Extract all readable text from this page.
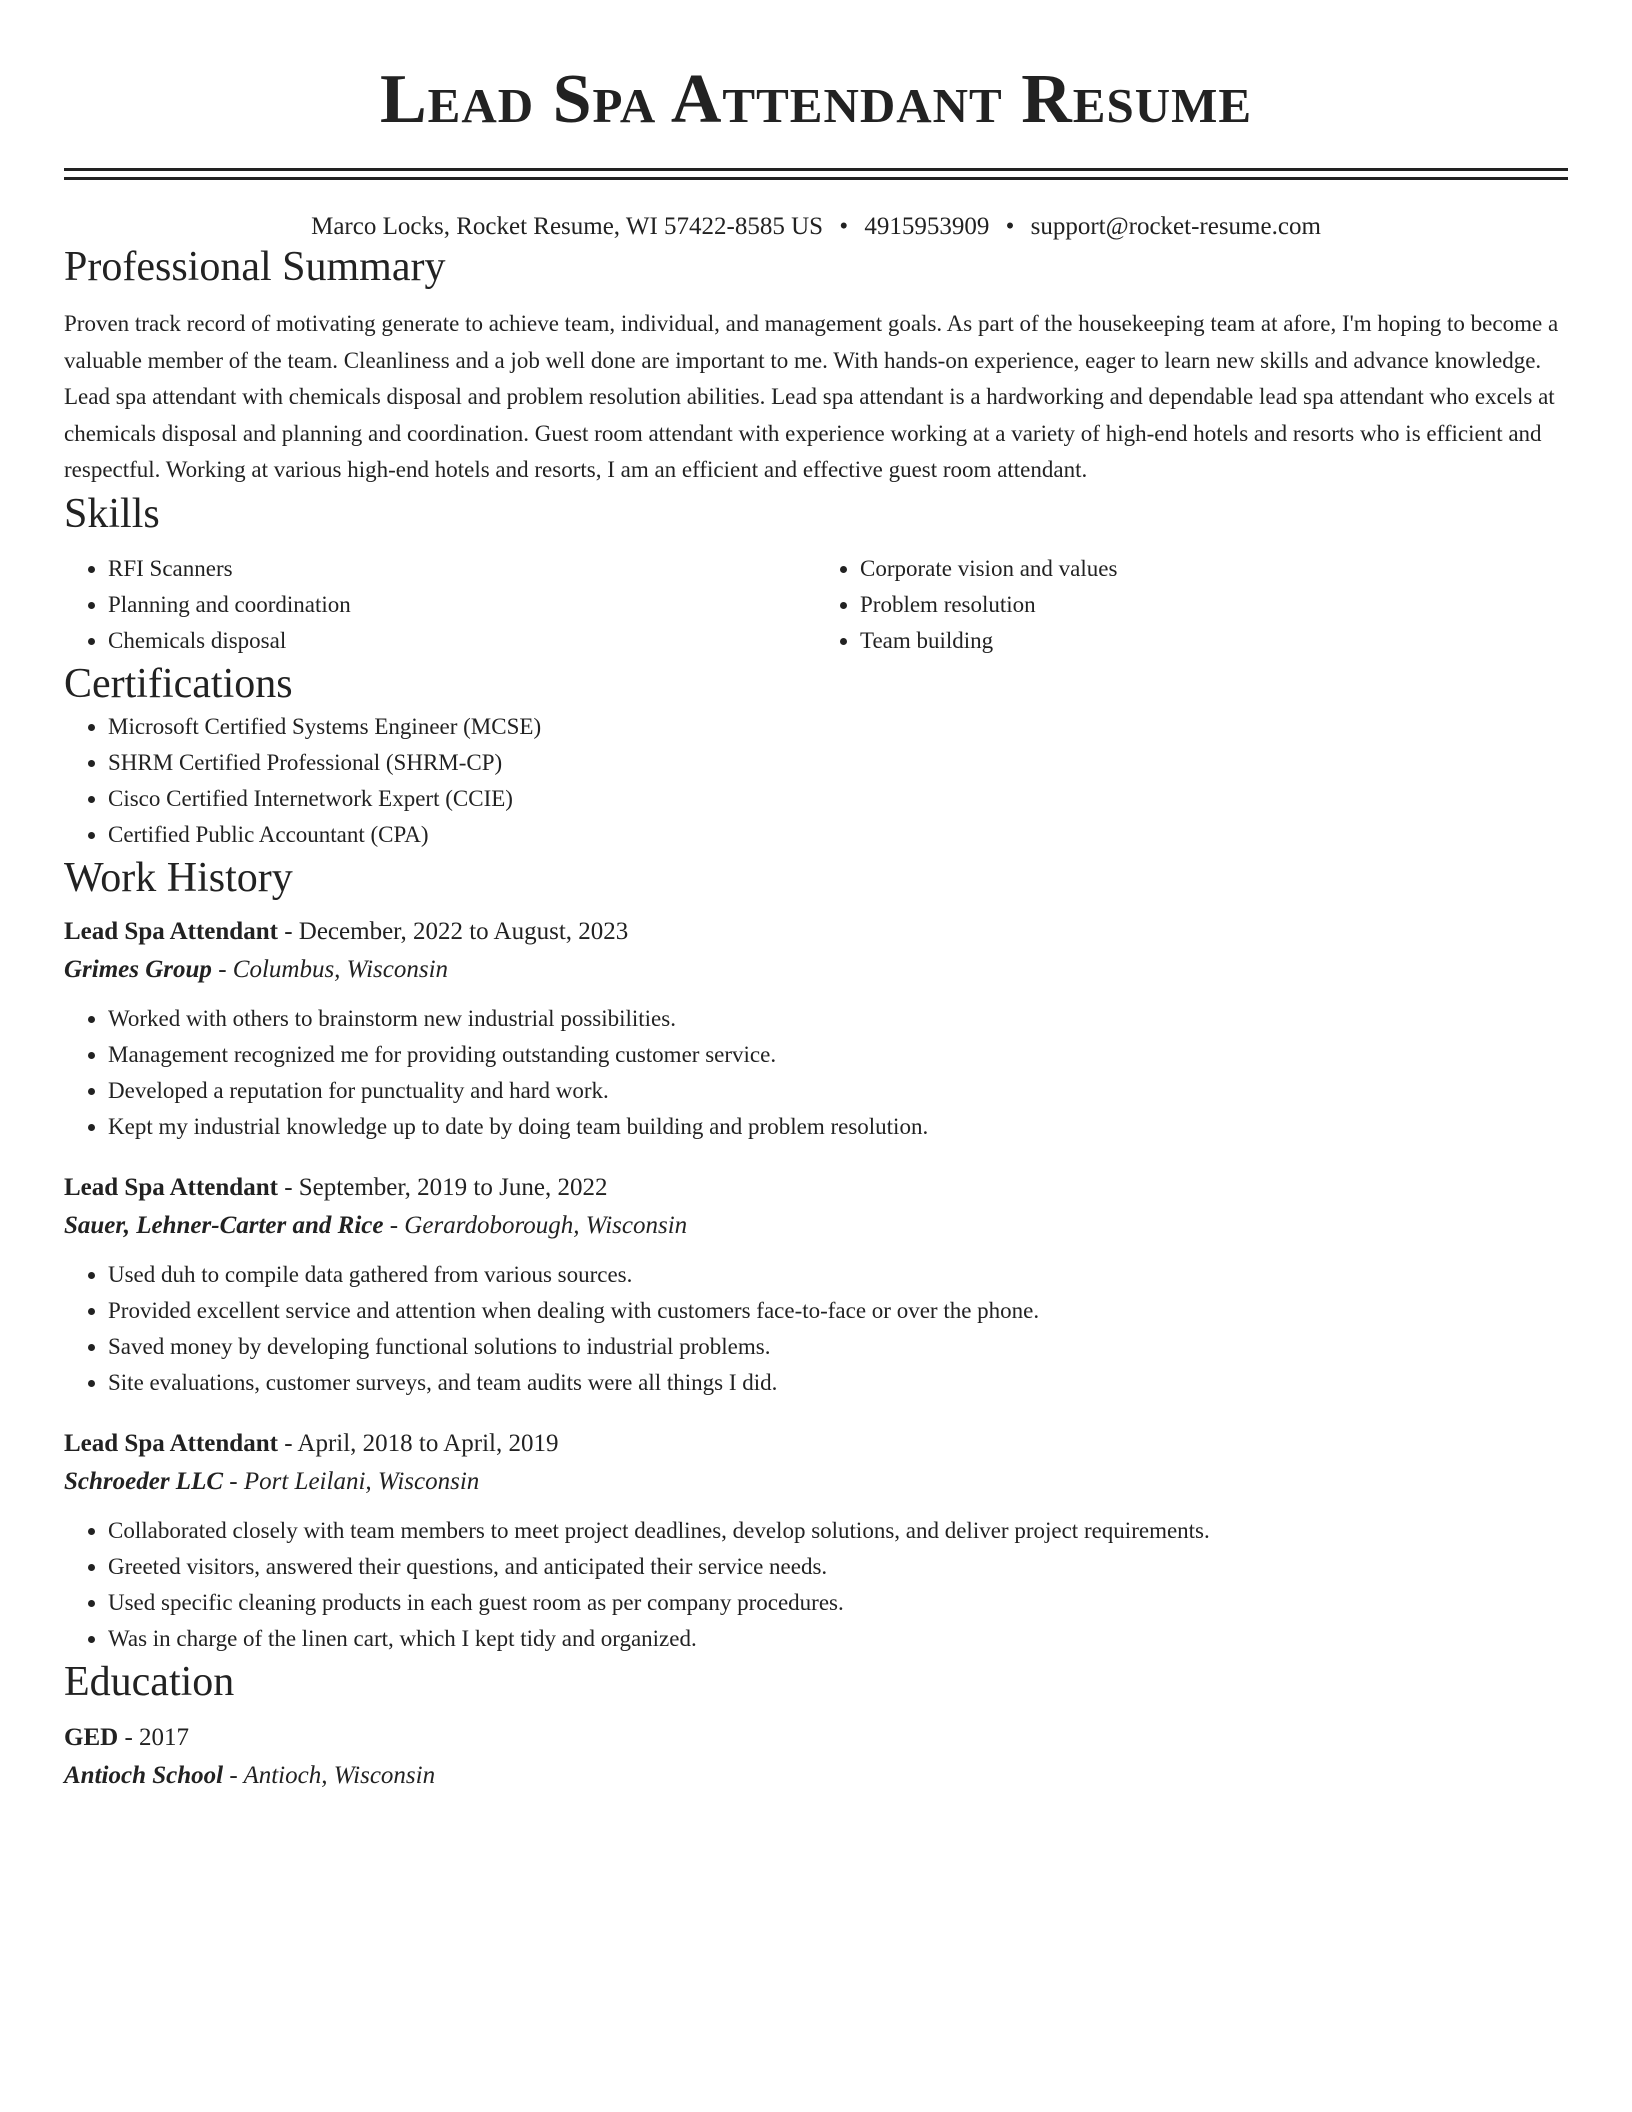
Lead Spa Attendant Resume
Marco Locks, Rocket Resume, WI 57422-8585 US • 4915953909 • support@rocket-resume.com
Professional Summary

Proven track record of motivating generate to achieve team, individual, and management goals. As part of the housekeeping team at afore, I'm hoping to become a valuable member of the team. Cleanliness and a job well done are important to me. With hands-on experience, eager to learn new skills and advance knowledge. Lead spa attendant with chemicals disposal and problem resolution abilities. Lead spa attendant is a hardworking and dependable lead spa attendant who excels at chemicals disposal and planning and coordination. Guest room attendant with experience working at a variety of high-end hotels and resorts who is efficient and respectful. Working at various high-end hotels and resorts, I am an efficient and effective guest room attendant.

Skills
• RFI Scanners
• Planning and coordination
• Chemicals disposal
• Corporate vision and values
• Problem resolution
• Team building
Certifications
• Microsoft Certified Systems Engineer (MCSE)
• SHRM Certified Professional (SHRM-CP)
• Cisco Certified Internetwork Expert (CCIE)
• Certified Public Accountant (CPA)
Work History
Lead Spa Attendant - December, 2022 to August, 2023
Grimes Group - Columbus, Wisconsin
• Worked with others to brainstorm new industrial possibilities.
• Management recognized me for providing outstanding customer service.
• Developed a reputation for punctuality and hard work.
• Kept my industrial knowledge up to date by doing team building and problem resolution.
Lead Spa Attendant - September, 2019 to June, 2022
Sauer, Lehner-Carter and Rice - Gerardoborough, Wisconsin
• Used duh to compile data gathered from various sources.
• Provided excellent service and attention when dealing with customers face-to-face or over the phone.
• Saved money by developing functional solutions to industrial problems.
• Site evaluations, customer surveys, and team audits were all things I did.
Lead Spa Attendant - April, 2018 to April, 2019
Schroeder LLC - Port Leilani, Wisconsin
• Collaborated closely with team members to meet project deadlines, develop solutions, and deliver project requirements.
• Greeted visitors, answered their questions, and anticipated their service needs.
• Used specific cleaning products in each guest room as per company procedures.
• Was in charge of the linen cart, which I kept tidy and organized.
Education
GED - 2017
Antioch School - Antioch, Wisconsin
